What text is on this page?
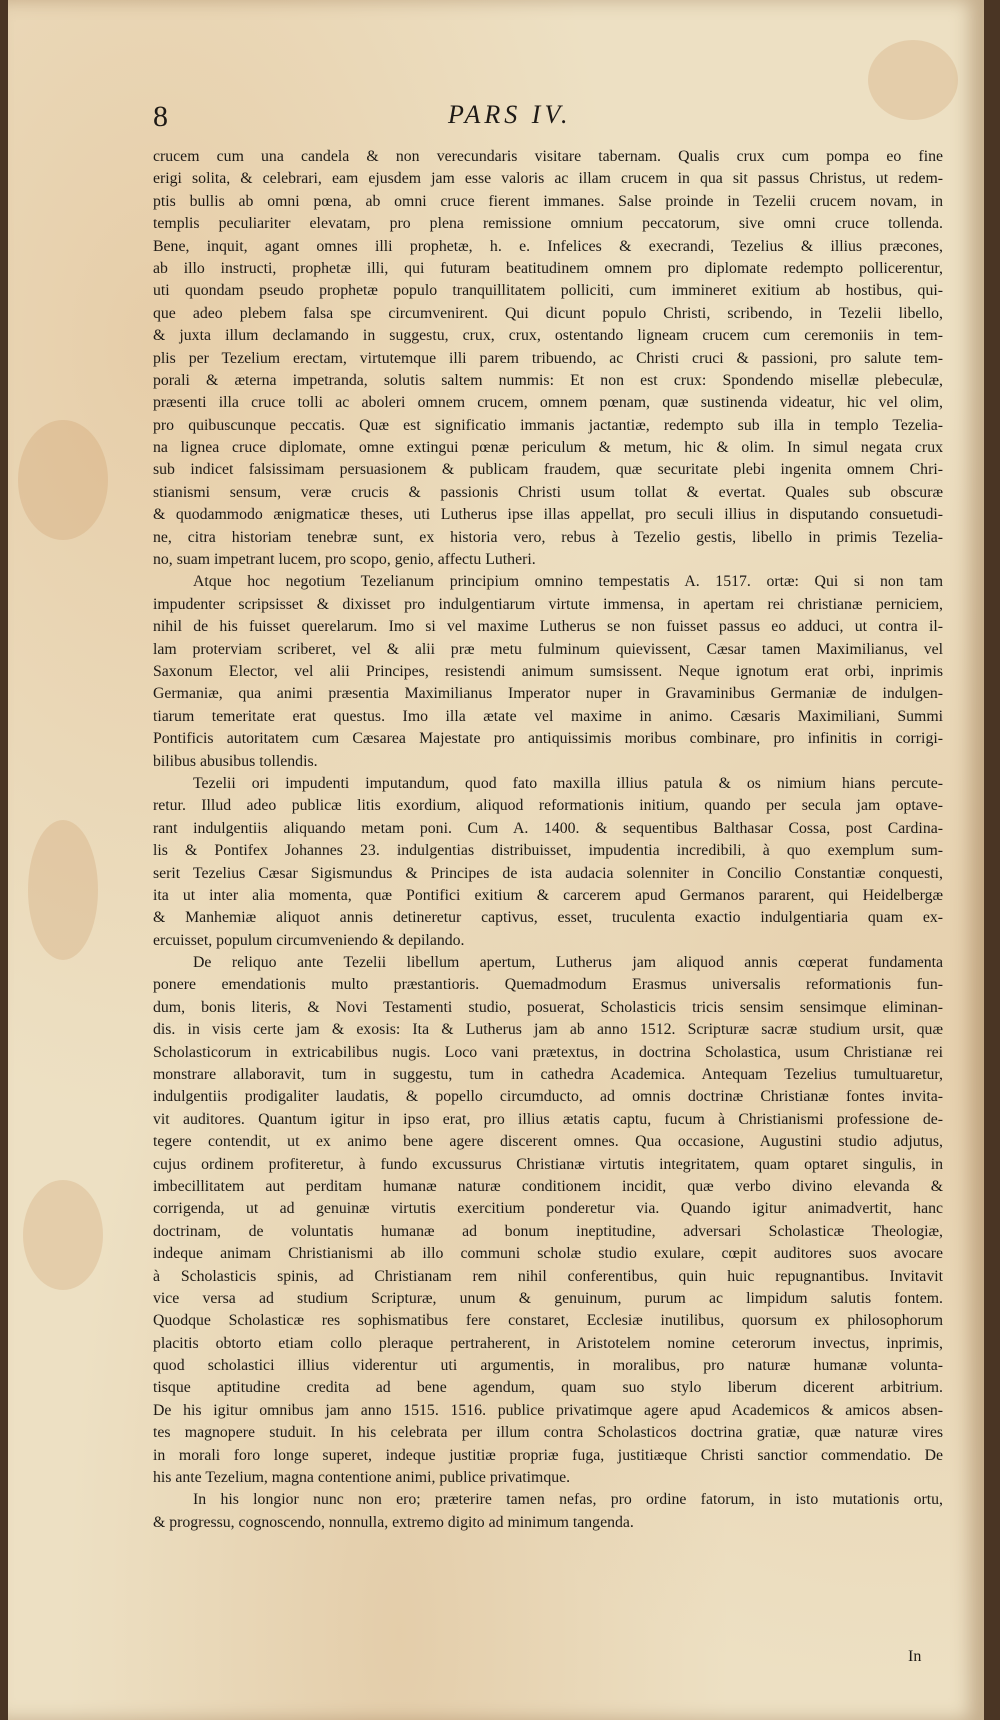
8	PARS IV.
crucem cum una candela & non verecundaris visitare tabernam. Qualis crux cum pompa eo fine
erigi solita, & celebrari, eam ejusdem jam esse valoris ac illam crucem in qua sit passus Christus, ut redem-
ptis bullis ab omni pœna, ab omni cruce fierent immanes. Salse proinde in Tezelii crucem novam, in
templis peculiariter elevatam, pro plena remissione omnium peccatorum, sive omni cruce tollenda.
Bene, inquit, agant omnes illi prophetæ, h. e. Infelices & execrandi, Tezelius & illius præcones,
ab illo instructi, prophetæ illi, qui futuram beatitudinem omnem pro diplomate redempto pollicerentur,
uti quondam pseudo prophetæ populo tranquillitatem polliciti, cum immineret exitium ab hostibus, qui-
que adeo plebem falsa spe circumvenirent. Qui dicunt populo Christi, scribendo, in Tezelii libello,
& juxta illum declamando in suggestu, crux, crux, ostentando ligneam crucem cum ceremoniis in tem-
plis per Tezelium erectam, virtutemque illi parem tribuendo, ac Christi cruci & passioni, pro salute tem-
porali & æterna impetranda, solutis saltem nummis: Et non est crux: Spondendo misellæ plebeculæ,
præsenti illa cruce tolli ac aboleri omnem crucem, omnem pœnam, quæ sustinenda videatur, hic vel olim,
pro quibuscunque peccatis. Quæ est significatio immanis jactantiæ, redempto sub illa in templo Tezelia-
na lignea cruce diplomate, omne extingui pœnæ periculum & metum, hic & olim. In simul negata crux
sub indicet falsissimam persuasionem & publicam fraudem, quæ securitate plebi ingenita omnem Chri-
stianismi sensum, veræ crucis & passionis Christi usum tollat & evertat. Quales sub obscuræ
& quodammodo ænigmaticæ theses, uti Lutherus ipse illas appellat, pro seculi illius in disputando consuetudi-
ne, citra historiam tenebræ sunt, ex historia vero, rebus à Tezelio gestis, libello in primis Tezelia-
no, suam impetrant lucem, pro scopo, genio, affectu Lutheri.
Atque hoc negotium Tezelianum principium omnino tempestatis A. 1517. ortæ: Qui si non tam
impudenter scripsisset & dixisset pro indulgentiarum virtute immensa, in apertam rei christianæ perniciem,
nihil de his fuisset querelarum. Imo si vel maxime Lutherus se non fuisset passus eo adduci, ut contra il-
lam proterviam scriberet, vel & alii præ metu fulminum quievissent, Cæsar tamen Maximilianus, vel
Saxonum Elector, vel alii Principes, resistendi animum sumsissent. Neque ignotum erat orbi, inprimis
Germaniæ, qua animi præsentia Maximilianus Imperator nuper in Gravaminibus Germaniæ de indulgen-
tiarum temeritate erat questus. Imo illa ætate vel maxime in animo. Cæsaris Maximiliani, Summi
Pontificis autoritatem cum Cæsarea Majestate pro antiquissimis moribus combinare, pro infinitis in corrigi-
bilibus abusibus tollendis.
Tezelii ori impudenti imputandum, quod fato maxilla illius patula & os nimium hians percute-
retur. Illud adeo publicæ litis exordium, aliquod reformationis initium, quando per secula jam optave-
rant indulgentiis aliquando metam poni. Cum A. 1400. & sequentibus Balthasar Cossa, post Cardina-
lis & Pontifex Johannes 23. indulgentias distribuisset, impudentia incredibili, à quo exemplum sum-
serit Tezelius Cæsar Sigismundus & Principes de ista audacia solenniter in Concilio Constantiæ conquesti,
ita ut inter alia momenta, quæ Pontifici exitium & carcerem apud Germanos pararent, qui Heidelbergæ
& Manhemiæ aliquot annis detineretur captivus, esset, truculenta exactio indulgentiaria quam ex-
ercuisset, populum circumveniendo & depilando.
De reliquo ante Tezelii libellum apertum, Lutherus jam aliquod annis cœperat fundamenta
ponere emendationis multo præstantioris. Quemadmodum Erasmus universalis reformationis fun-
dum, bonis literis, & Novi Testamenti studio, posuerat, Scholasticis tricis sensim sensimque eliminan-
dis. in visis certe jam & exosis: Ita & Lutherus jam ab anno 1512. Scripturæ sacræ studium ursit, quæ
Scholasticorum in extricabilibus nugis. Loco vani prætextus, in doctrina Scholastica, usum Christianæ rei
monstrare allaboravit, tum in suggestu, tum in cathedra Academica. Antequam Tezelius tumultuaretur,
indulgentiis prodigaliter laudatis, & popello circumducto, ad omnis doctrinæ Christianæ fontes invita-
vit auditores. Quantum igitur in ipso erat, pro illius ætatis captu, fucum à Christianismi professione de-
tegere contendit, ut ex animo bene agere discerent omnes. Qua occasione, Augustini studio adjutus,
cujus ordinem profiteretur, à fundo excussurus Christianæ virtutis integritatem, quam optaret singulis, in
imbecillitatem aut perditam humanæ naturæ conditionem incidit, quæ verbo divino elevanda &
corrigenda, ut ad genuinæ virtutis exercitium ponderetur via. Quando igitur animadvertit, hanc
doctrinam, de voluntatis humanæ ad bonum ineptitudine, adversari Scholasticæ Theologiæ,
indeque animam Christianismi ab illo communi scholæ studio exulare, cœpit auditores suos avocare
à Scholasticis spinis, ad Christianam rem nihil conferentibus, quin huic repugnantibus. Invitavit
vice versa ad studium Scripturæ, unum & genuinum, purum ac limpidum salutis fontem.
Quodque Scholasticæ res sophismatibus fere constaret, Ecclesiæ inutilibus, quorsum ex philosophorum
placitis obtorto etiam collo pleraque pertraherent, in Aristotelem nomine ceterorum invectus, inprimis,
quod scholastici illius viderentur uti argumentis, in moralibus, pro naturæ humanæ volunta-
tisque aptitudine credita ad bene agendum, quam suo stylo liberum dicerent arbitrium.
De his igitur omnibus jam anno 1515. 1516. publice privatimque agere apud Academicos & amicos absen-
tes magnopere studuit. In his celebrata per illum contra Scholasticos doctrina gratiæ, quæ naturæ vires
in morali foro longe superet, indeque justitiæ propriæ fuga, justitiæque Christi sanctior commendatio. De
his ante Tezelium, magna contentione animi, publice privatimque.
In his longior nunc non ero; præterire tamen nefas, pro ordine fatorum, in isto mutationis ortu,
& progressu, cognoscendo, nonnulla, extremo digito ad minimum tangenda.
In
